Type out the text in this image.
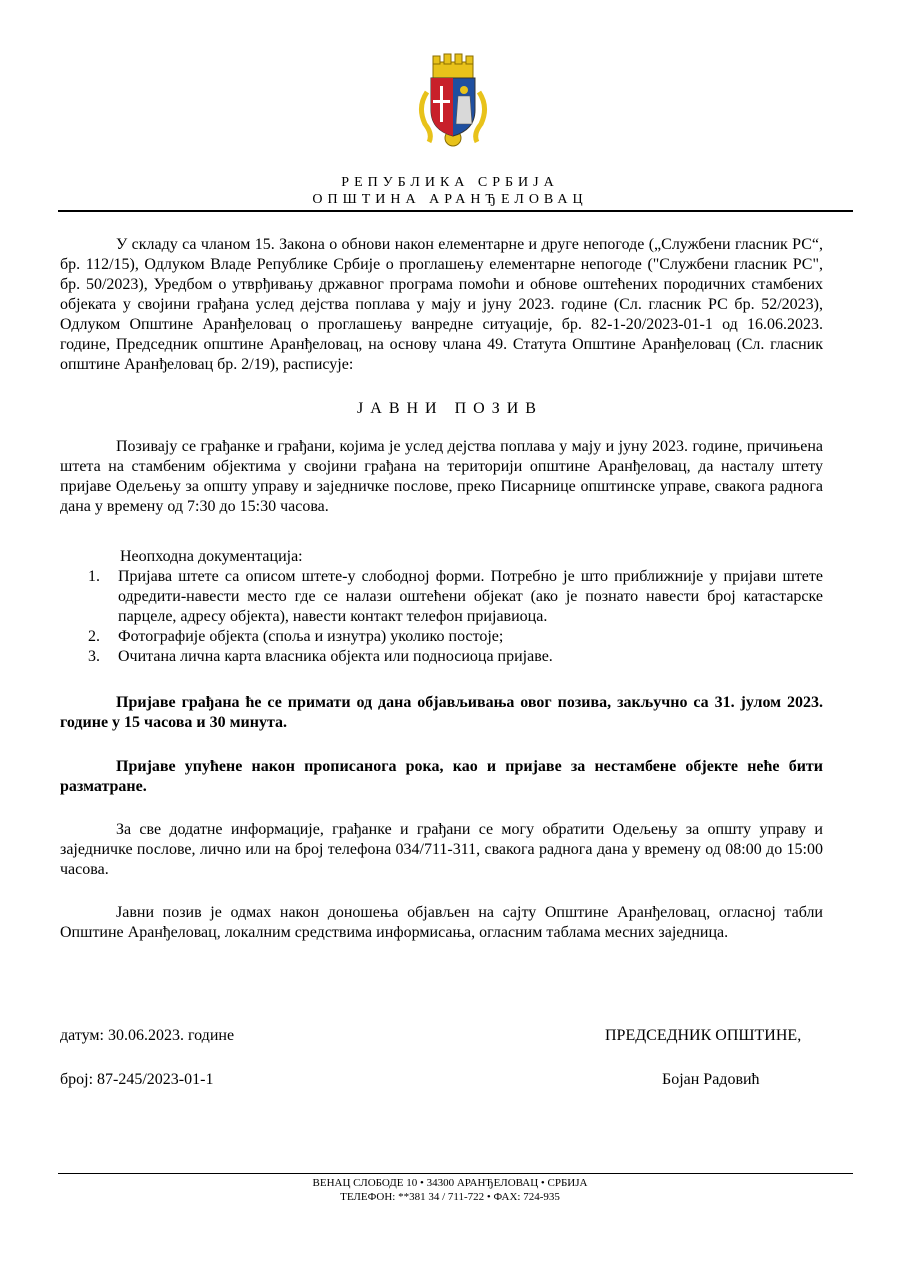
РЕПУБЛИКА СРБИЈА
ОПШТИНА АРАНЂЕЛОВАЦ

У складу са чланом 15. Закона о обнови након елементарне и друге непогоде („Службени гласник РС“, бр. 112/15), Одлуком Владе Републике Србије о проглашењу елементарне непогоде ("Службени гласник РС", бр. 50/2023), Уредбом о утврђивању државног програма помоћи и обнове оштећених породичних стамбених објеката у својини грађана услед дејства поплава у мају и јуну 2023. године (Сл. гласник РС бр. 52/2023), Одлуком Општине Аранђеловац о проглашењу ванредне ситуације, бр. 82-1-20/2023-01-1 од 16.06.2023. године, Председник општине Аранђеловац, на основу члана 49. Статута Општине Аранђеловац (Сл. гласник општине Аранђеловац бр. 2/19), расписује:

ЈАВНИ ПОЗИВ

Позивају се грађанке и грађани, којима је услед дејства поплава у мају и јуну 2023. године, причињена штета на стамбеним објектима у својини грађана на територији општине Аранђеловац, да насталу штету пријаве Одељењу за општу управу и заједничке послове, преко Писарнице општинске управе, свакога раднога дана у времену од 7:30 до 15:30 часова.

Неопходна документација:

1. Пријава штете са описом штете-у слободној форми. Потребно је што приближније у пријави штете одредити-навести место где се налази оштећени објекат (ако је познато навести број катастарске парцеле, адресу објекта), навести контакт телефон пријавиоца.
2. Фотографије објекта (споља и изнутра) уколико постоје;
3. Очитана лична карта власника објекта или подносиоца пријаве.

Пријаве грађана ће се примати од дана објављивања овог позива, закључно са 31. јулом 2023. године у 15 часова и 30 минута.

Пријаве упућене након прописанога рока, као и пријаве за нестамбене објекте неће бити разматране.

За све додатне информације, грађанке и грађани се могу обратити Одељењу за општу управу и заједничке послове, лично или на број телефона 034/711-311, свакога раднога дана у времену од 08:00 до 15:00 часова.

Јавни позив је одмах након доношења објављен на сајту Општине Аранђеловац, огласној табли Општине Аранђеловац, локалним средствима информисања, огласним таблама месних заједница.

датум: 30.06.2023. године
број: 87-245/2023-01-1
ПРЕДСЕДНИК ОПШТИНЕ,
Бојан Радовић
ВЕНАЦ СЛОБОДЕ 10 • 34300 АРАНЂЕЛОВАЦ • СРБИЈА
ТЕЛЕФОН: **381 34 / 711-722 • ФАХ: 724-935
